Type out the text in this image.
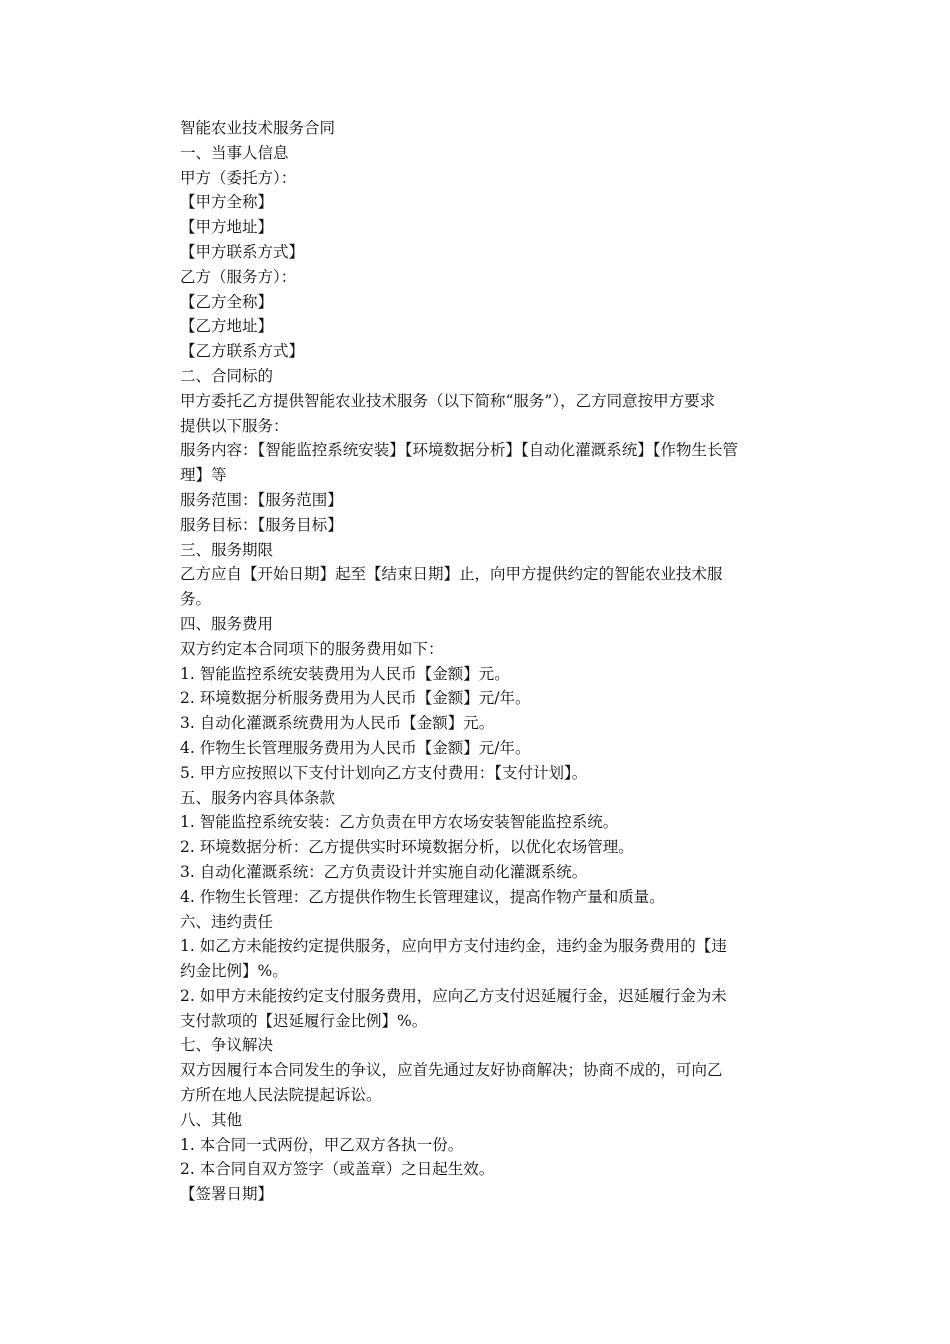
智能农业技术服务合同

一、当事人信息

甲方（委托方）：

【甲方全称】

【甲方地址】

【甲方联系方式】

乙方（服务方）：

【乙方全称】

【乙方地址】

【乙方联系方式】

二、合同标的

甲方委托乙方提供智能农业技术服务（以下简称“服务”），乙方同意按甲方要求

提供以下服务：

服务内容：【智能监控系统安装】【环境数据分析】【自动化灌溉系统】【作物生长管

理】等

服务范围：【服务范围】

服务目标：【服务目标】

三、服务期限

乙方应自【开始日期】起至【结束日期】止，向甲方提供约定的智能农业技术服

务。

四、服务费用

双方约定本合同项下的服务费用如下：

1. 智能监控系统安装费用为人民币【金额】元。

2. 环境数据分析服务费用为人民币【金额】元/年。

3. 自动化灌溉系统费用为人民币【金额】元。

4. 作物生长管理服务费用为人民币【金额】元/年。

5. 甲方应按照以下支付计划向乙方支付费用：【支付计划】。

五、服务内容具体条款

1. 智能监控系统安装：乙方负责在甲方农场安装智能监控系统。

2. 环境数据分析：乙方提供实时环境数据分析，以优化农场管理。

3. 自动化灌溉系统：乙方负责设计并实施自动化灌溉系统。

4. 作物生长管理：乙方提供作物生长管理建议，提高作物产量和质量。

六、违约责任

1. 如乙方未能按约定提供服务，应向甲方支付违约金，违约金为服务费用的【违

约金比例】%。

2. 如甲方未能按约定支付服务费用，应向乙方支付迟延履行金，迟延履行金为未

支付款项的【迟延履行金比例】%。

七、争议解决

双方因履行本合同发生的争议，应首先通过友好协商解决；协商不成的，可向乙

方所在地人民法院提起诉讼。

八、其他

1. 本合同一式两份，甲乙双方各执一份。

2. 本合同自双方签字（或盖章）之日起生效。

【签署日期】
